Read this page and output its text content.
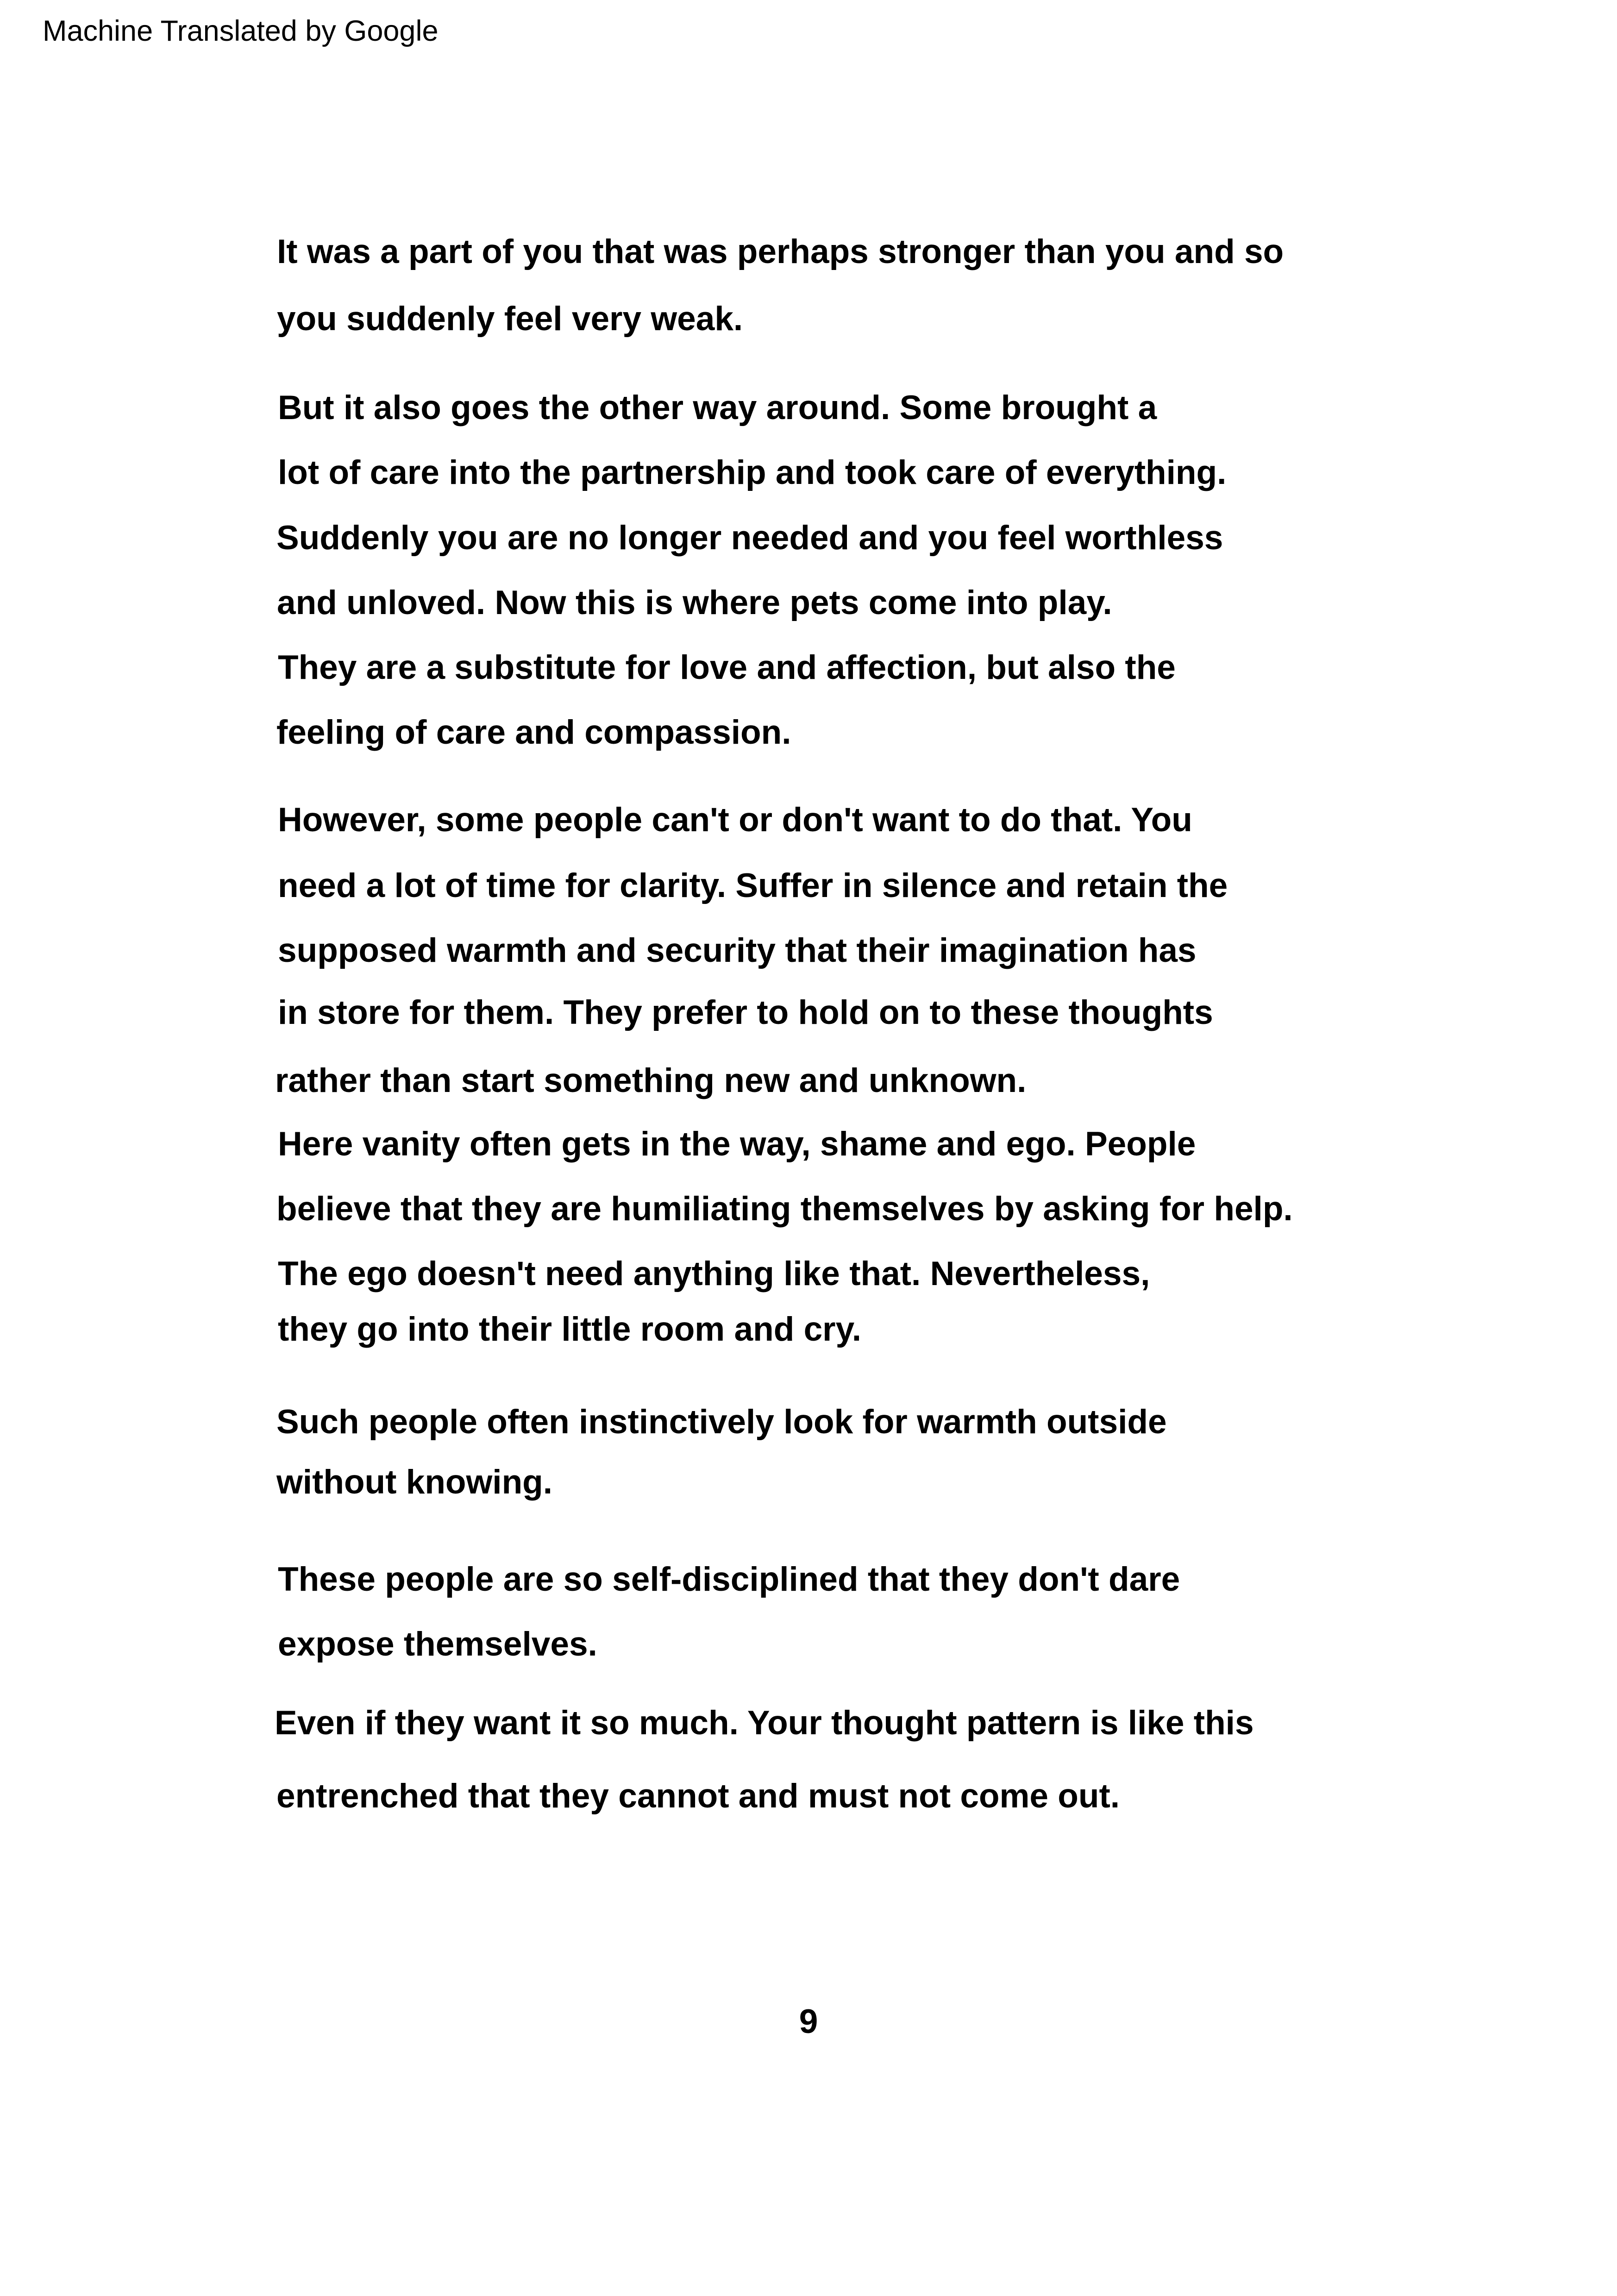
Machine Translated by Google
It was a part of you that was perhaps stronger than you and so
you suddenly feel very weak.
But it also goes the other way around. Some brought a
lot of care into the partnership and took care of everything.
Suddenly you are no longer needed and you feel worthless
and unloved. Now this is where pets come into play.
They are a substitute for love and affection, but also the
feeling of care and compassion.
However, some people can't or don't want to do that. You
need a lot of time for clarity. Suffer in silence and retain the
supposed warmth and security that their imagination has
in store for them. They prefer to hold on to these thoughts
rather than start something new and unknown.
Here vanity often gets in the way, shame and ego. People
believe that they are humiliating themselves by asking for help.
The ego doesn't need anything like that. Nevertheless,
they go into their little room and cry.
Such people often instinctively look for warmth outside
without knowing.
These people are so self-disciplined that they don't dare
expose themselves.
Even if they want it so much. Your thought pattern is like this
entrenched that they cannot and must not come out.
9
